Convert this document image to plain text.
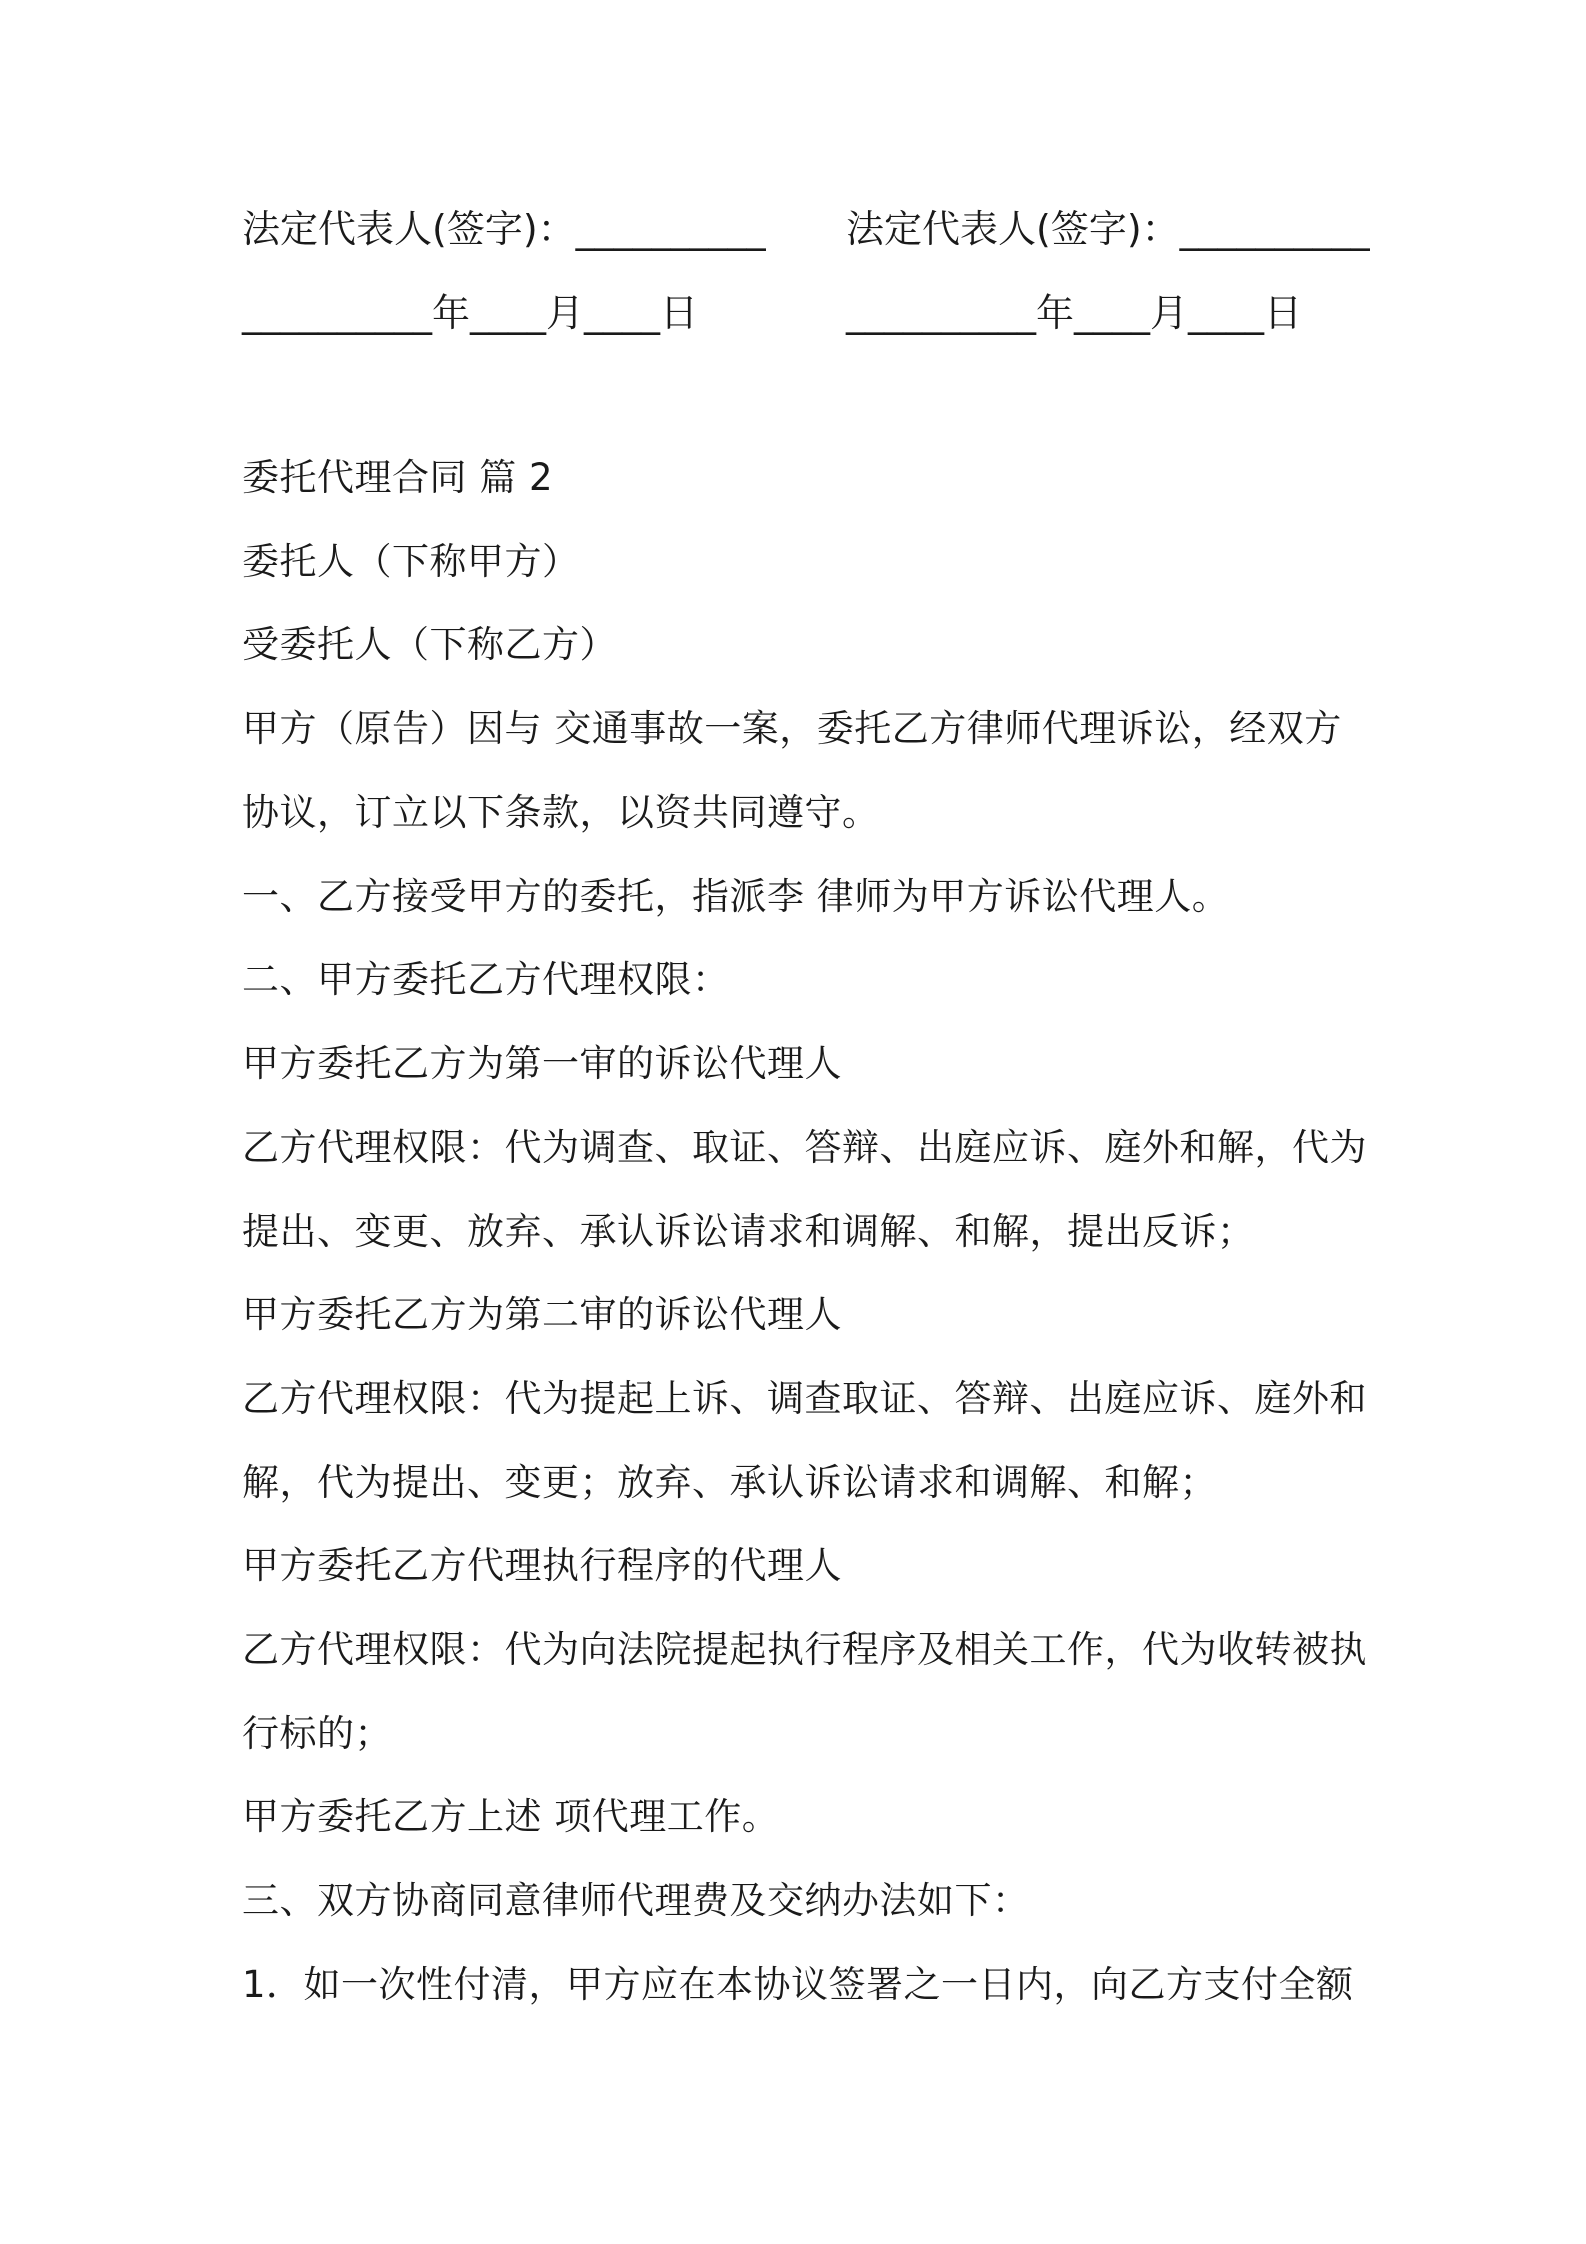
法定代表人(签字)：__________
__________年____月____日
法定代表人(签字)：__________
__________年____月____日
委托代理合同 篇 2
委托人（下称甲方）
受委托人（下称乙方）
甲方（原告）因与 交通事故一案，委托乙方律师代理诉讼，经双方
协议，订立以下条款，以资共同遵守。
一、乙方接受甲方的委托，指派李 律师为甲方诉讼代理人。
二、甲方委托乙方代理权限：
甲方委托乙方为第一审的诉讼代理人
乙方代理权限：代为调查、取证、答辩、出庭应诉、庭外和解，代为
提出、变更、放弃、承认诉讼请求和调解、和解，提出反诉；
甲方委托乙方为第二审的诉讼代理人
乙方代理权限：代为提起上诉、调查取证、答辩、出庭应诉、庭外和
解，代为提出、变更；放弃、承认诉讼请求和调解、和解；
甲方委托乙方代理执行程序的代理人
乙方代理权限：代为向法院提起执行程序及相关工作，代为收转被执
行标的；
甲方委托乙方上述 项代理工作。
三、双方协商同意律师代理费及交纳办法如下：
1．如一次性付清，甲方应在本协议签署之一日内，向乙方支付全额
